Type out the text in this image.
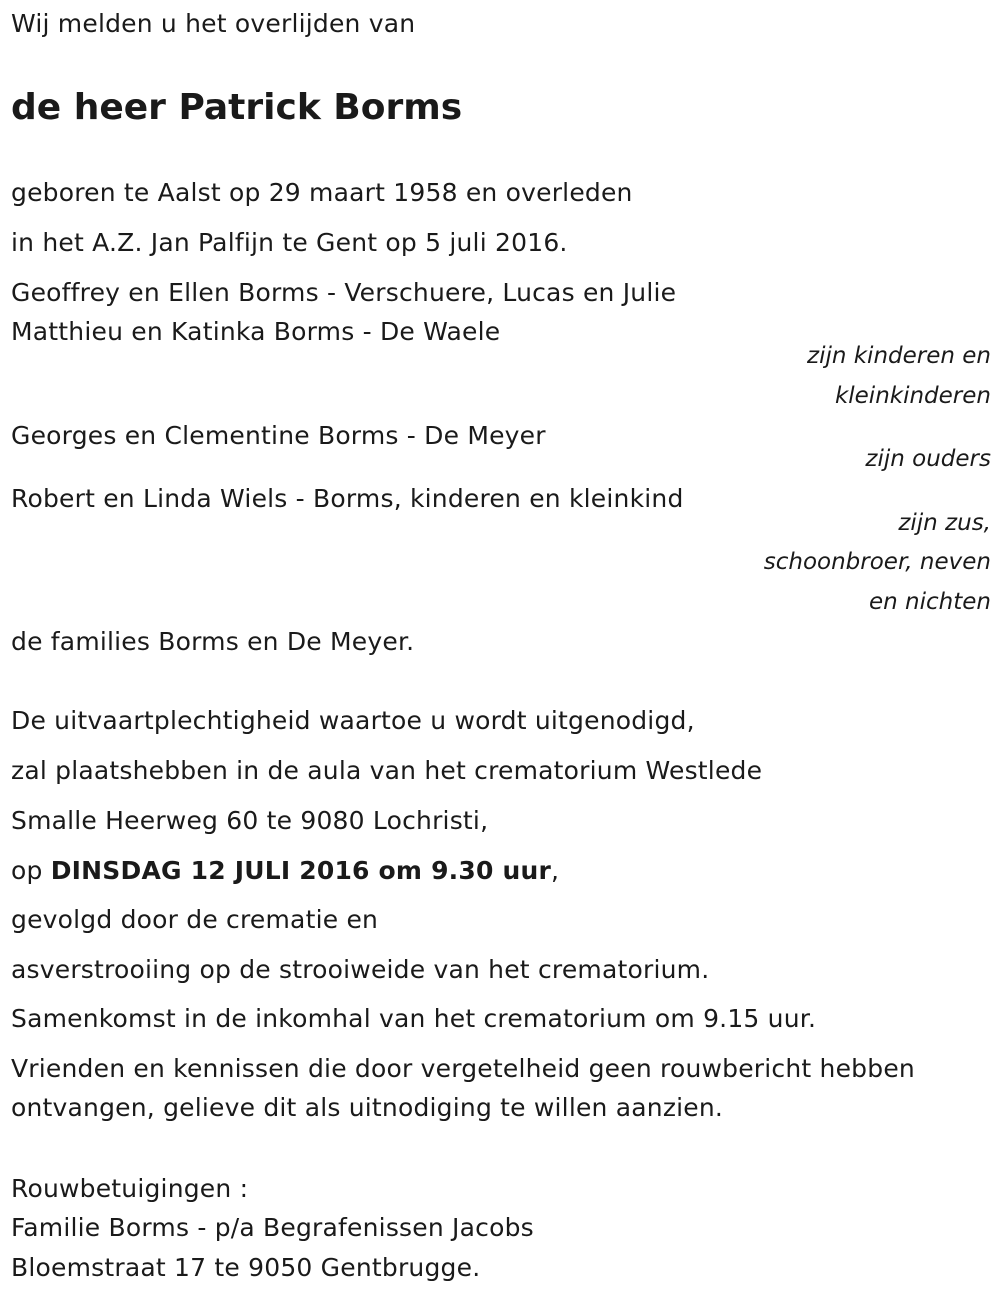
Wij melden u het overlijden van
de heer Patrick Borms
geboren te Aalst op 29 maart 1958 en overleden
in het A.Z. Jan Palfijn te Gent op 5 juli 2016.
Geoffrey en Ellen Borms - Verschuere, Lucas en Julie
Matthieu en Katinka Borms - De Waele
zijn kinderen en
kleinkinderen
Georges en Clementine Borms - De Meyer
zijn ouders
Robert en Linda Wiels - Borms, kinderen en kleinkind
zijn zus,
schoonbroer, neven
en nichten
de families Borms en De Meyer.
De uitvaartplechtigheid waartoe u wordt uitgenodigd,
zal plaatshebben in de aula van het crematorium Westlede
Smalle Heerweg 60 te 9080 Lochristi,
op DINSDAG 12 JULI 2016 om 9.30 uur,
gevolgd door de crematie en
asverstrooiing op de strooiweide van het crematorium.
Samenkomst in de inkomhal van het crematorium om 9.15 uur.
Vrienden en kennissen die door vergetelheid geen rouwbericht hebben
ontvangen, gelieve dit als uitnodiging te willen aanzien.
Rouwbetuigingen :
Familie Borms - p/a Begrafenissen Jacobs
Bloemstraat 17 te 9050 Gentbrugge.
